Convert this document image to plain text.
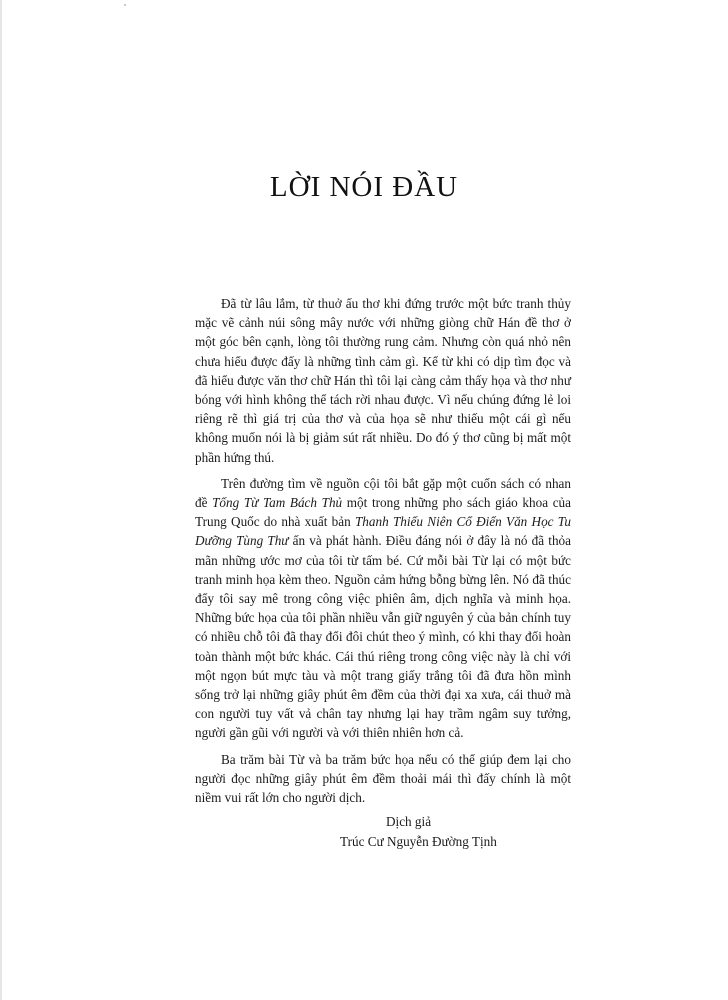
LỜI NÓI ĐẦU

Đã từ lâu lắm, từ thuở ấu thơ khi đứng trước một bức tranh thủy mặc vẽ cảnh núi sông mây nước với những giòng chữ Hán đề thơ ở một góc bên cạnh, lòng tôi thường rung cảm. Nhưng còn quá nhỏ nên chưa hiểu được đấy là những tình cảm gì. Kể từ khi có dịp tìm đọc và đã hiểu được văn thơ chữ Hán thì tôi lại càng cảm thấy họa và thơ như bóng với hình không thể tách rời nhau được. Vì nếu chúng đứng lẻ loi riêng rẽ thì giá trị của thơ và của họa sẽ như thiếu một cái gì nếu không muốn nói là bị giảm sút rất nhiều. Do đó ý thơ cũng bị mất một phần hứng thú.

Trên đường tìm về nguồn cội tôi bắt gặp một cuốn sách có nhan đề Tống Từ Tam Bách Thủ một trong những pho sách giáo khoa của Trung Quốc do nhà xuất bản Thanh Thiếu Niên Cổ Điển Văn Học Tu Dưỡng Tùng Thư ấn và phát hành. Điều đáng nói ở đây là nó đã thỏa mãn những ước mơ của tôi từ tấm bé. Cứ mỗi bài Từ lại có một bức tranh minh họa kèm theo. Nguồn cảm hứng bỗng bừng lên. Nó đã thúc đẩy tôi say mê trong công việc phiên âm, dịch nghĩa và minh họa. Những bức họa của tôi phần nhiều vẫn giữ nguyên ý của bản chính tuy có nhiều chỗ tôi đã thay đổi đôi chút theo ý mình, có khi thay đổi hoàn toàn thành một bức khác. Cái thú riêng trong công việc này là chỉ với một ngọn bút mực tàu và một trang giấy trắng tôi đã đưa hồn mình sống trở lại những giây phút êm đềm của thời đại xa xưa, cái thuở mà con người tuy vất vả chân tay nhưng lại hay trầm ngâm suy tưởng, người gần gũi với người và với thiên nhiên hơn cả.

Ba trăm bài Từ và ba trăm bức họa nếu có thể giúp đem lại cho người đọc những giây phút êm đềm thoải mái thì đấy chính là một niềm vui rất lớn cho người dịch.

Dịch giả
Trúc Cư Nguyễn Đường Tịnh
